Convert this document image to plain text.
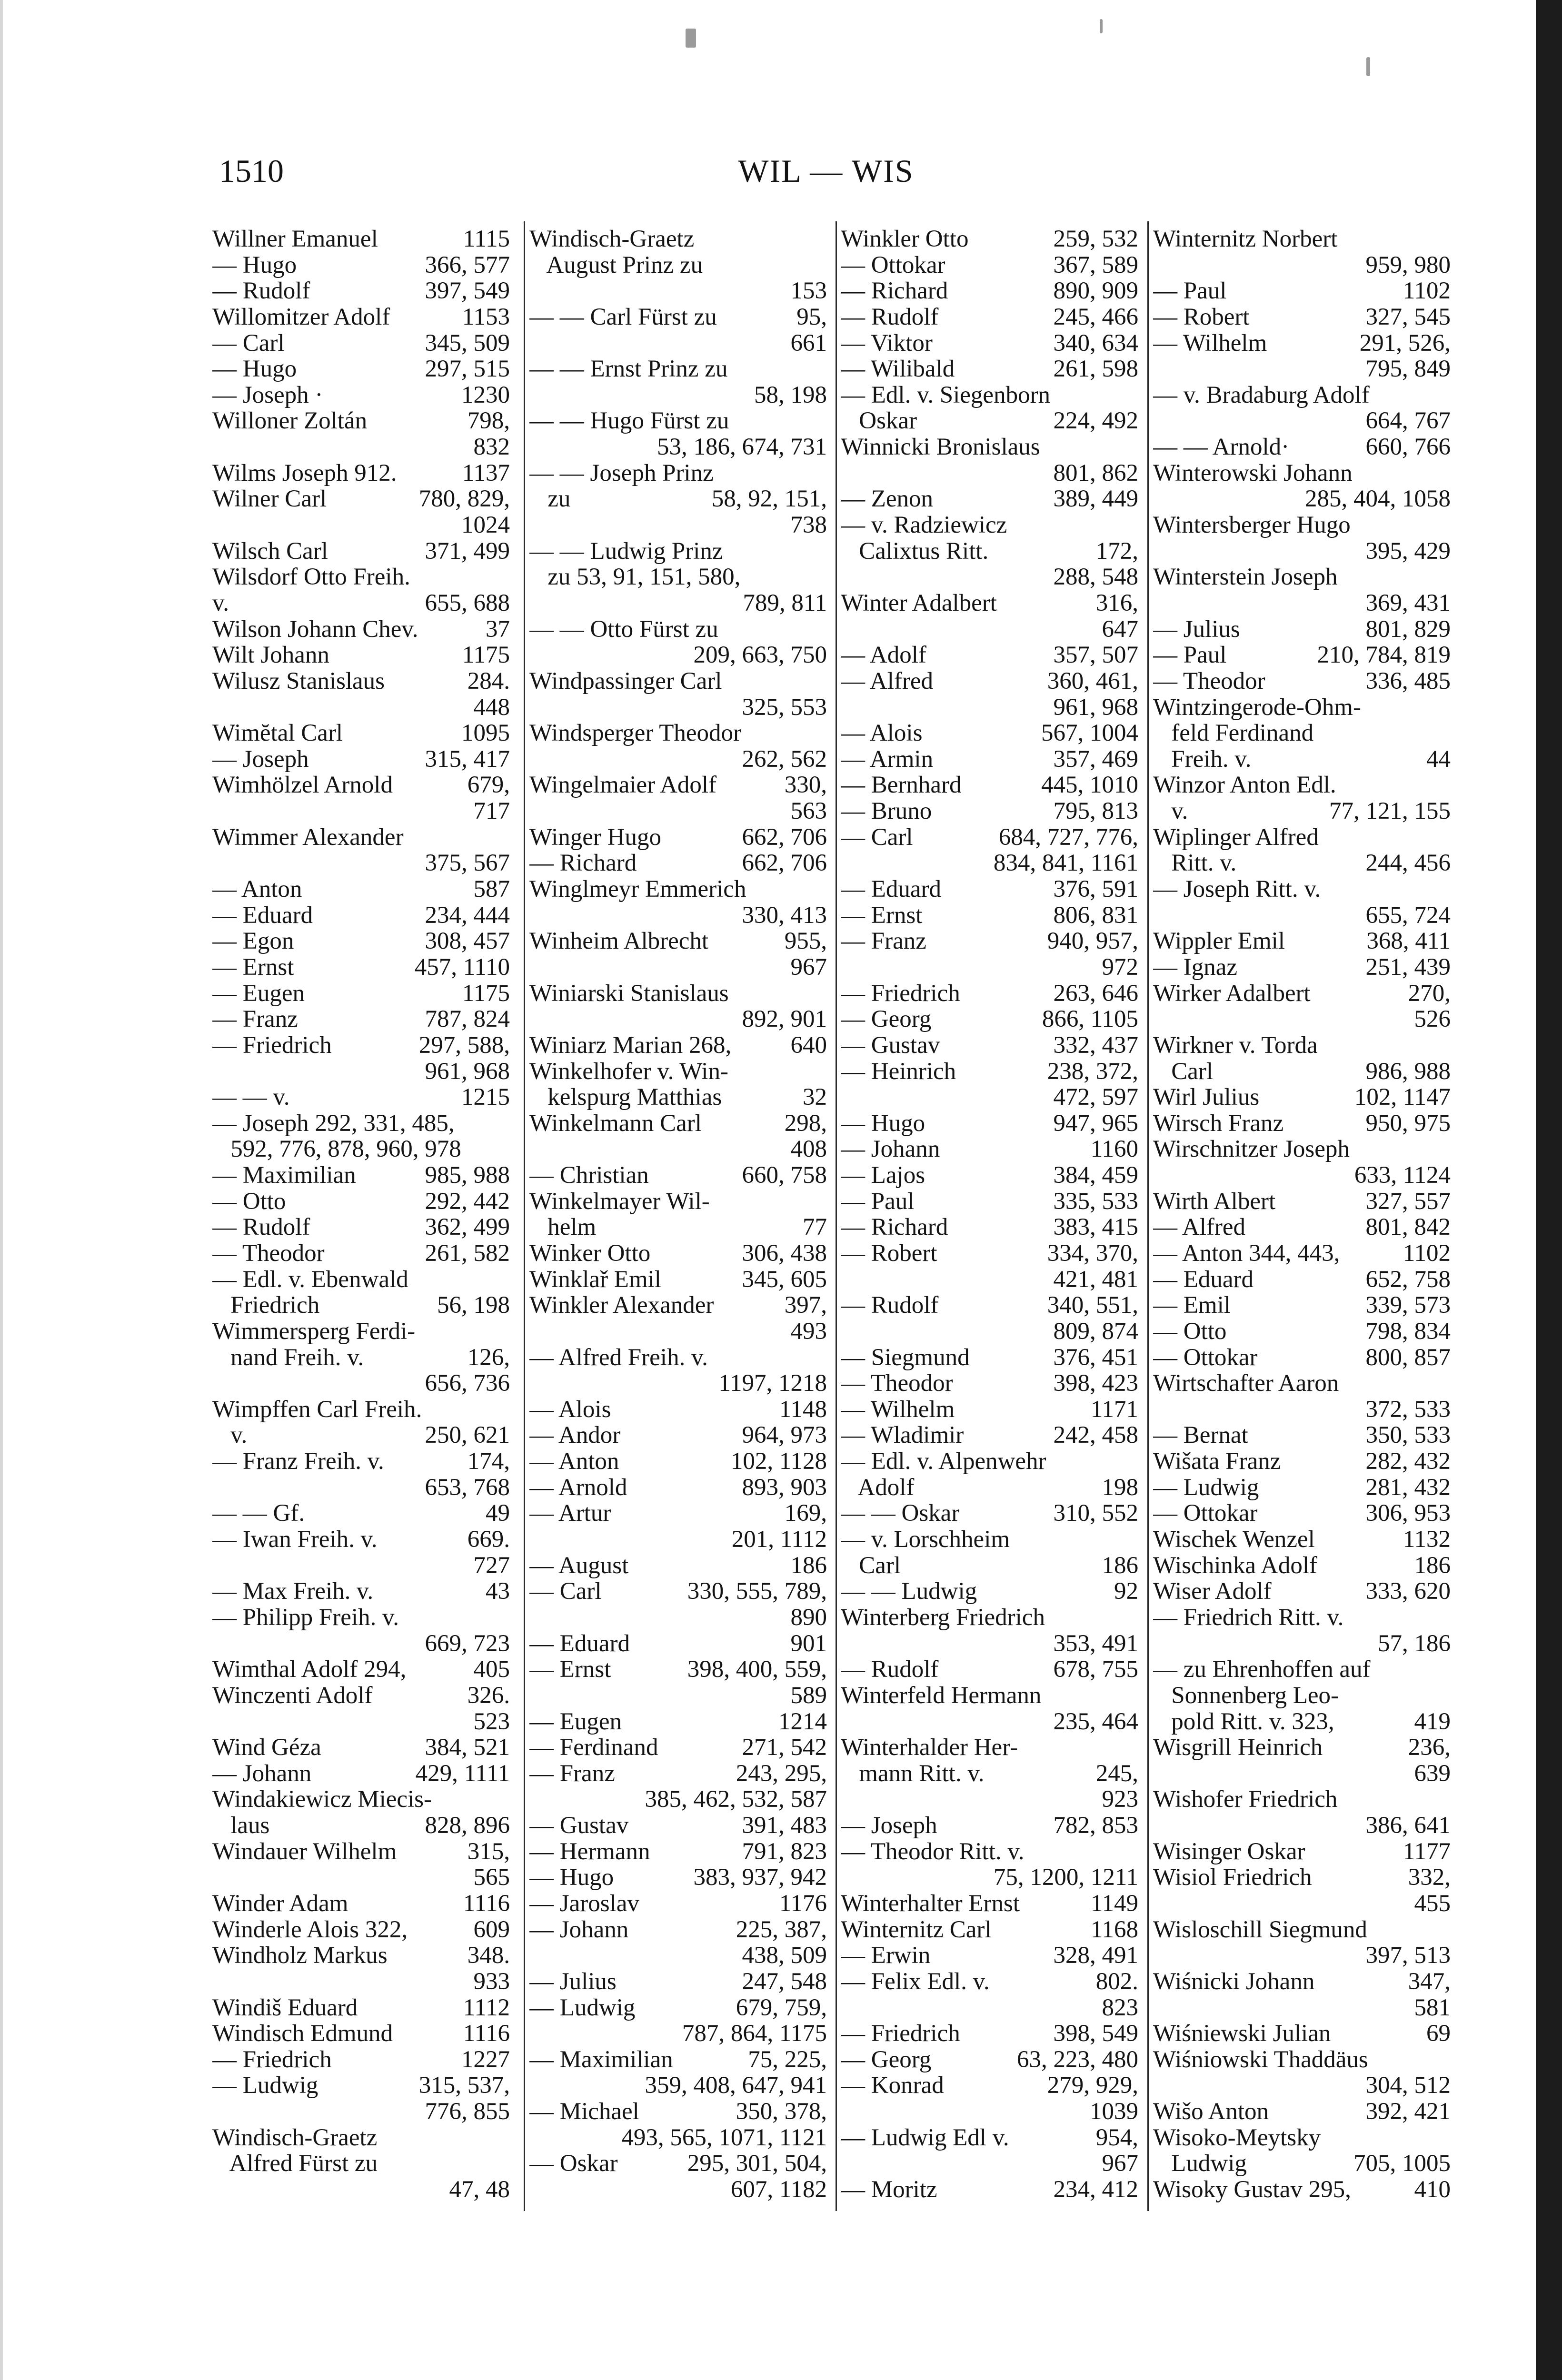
1510	WIL — WIS
Willner Emanuel	1115
— Hugo	366, 577
— Rudolf	397, 549
Willomitzer Adolf	1153
— Carl	345, 509
— Hugo	297, 515
— Joseph ·	1230
Willoner Zoltán	798,
832
Wilms Joseph 912.	1137
Wilner Carl	780, 829,
1024
Wilsch Carl	371, 499
Wilsdorf Otto Freih.
v.	655, 688
Wilson Johann Chev.	37
Wilt Johann	1175
Wilusz Stanislaus	284.
448
Wimĕtal Carl	1095
— Joseph	315, 417
Wimhölzel Arnold	679,
717
Wimmer Alexander
375, 567
— Anton	587
— Eduard	234, 444
— Egon	308, 457
— Ernst	457, 1110
— Eugen	1175
— Franz	787, 824
— Friedrich	297, 588,
961, 968
— — v.	1215
— Joseph 292, 331, 485,
592, 776, 878, 960, 978
— Maximilian	985, 988
— Otto	292, 442
— Rudolf	362, 499
— Theodor	261, 582
— Edl. v. Ebenwald
Friedrich	56, 198
Wimmersperg Ferdi-
nand Freih. v.	126,
656, 736
Wimpffen Carl Freih.
v.	250, 621
— Franz Freih. v.	174,
653, 768
— — Gf.	49
— Iwan Freih. v.	669.
727
— Max Freih. v.	43
— Philipp Freih. v.
669, 723
Wimthal Adolf 294,	405
Winczenti Adolf	326.
523
Wind Géza	384, 521
— Johann	429, 1111
Windakiewicz Miecis-
laus	828, 896
Windauer Wilhelm	315,
565
Winder Adam	1116
Winderle Alois 322,	609
Windholz Markus	348.
933
Windiš Eduard	1112
Windisch Edmund	1116
— Friedrich	1227
— Ludwig	315, 537,
776, 855
Windisch-Graetz
Alfred Fürst zu
47, 48
Windisch-Graetz
August Prinz zu
153
— — Carl Fürst zu	95,
661
— — Ernst Prinz zu
58, 198
— — Hugo Fürst zu
53, 186, 674, 731
— — Joseph Prinz
zu	58, 92, 151,
738
— — Ludwig Prinz
zu 53, 91, 151, 580,
789, 811
— — Otto Fürst zu
209, 663, 750
Windpassinger Carl
325, 553
Windsperger Theodor
262, 562
Wingelmaier Adolf	330,
563
Winger Hugo	662, 706
— Richard	662, 706
Winglmeyr Emmerich
330, 413
Winheim Albrecht	955,
967
Winiarski Stanislaus
892, 901
Winiarz Marian 268, 640
Winkelhofer v. Win-
kelspurg Matthias	32
Winkelmann Carl	298,
408
— Christian	660, 758
Winkelmayer Wil-
helm	77
Winker Otto	306, 438
Winklař Emil	345, 605
Winkler Alexander	397,
493
— Alfred Freih. v.
1197, 1218
— Alois	1148
— Andor	964, 973
— Anton	102, 1128
— Arnold	893, 903
— Artur	169,
201, 1112
— August	186
— Carl	330, 555, 789,
890
— Eduard	901
— Ernst	398, 400, 559,
589
— Eugen	1214
— Ferdinand	271, 542
— Franz	243, 295,
385, 462, 532, 587
— Gustav	391, 483
— Hermann	791, 823
— Hugo	383, 937, 942
— Jaroslav	1176
— Johann	225, 387,
438, 509
— Julius	247, 548
— Ludwig	679, 759,
787, 864, 1175
— Maximilian	75, 225,
359, 408, 647, 941
— Michael	350, 378,
493, 565, 1071, 1121
— Oskar	295, 301, 504,
607, 1182
Winkler Otto	259, 532
— Ottokar	367, 589
— Richard	890, 909
— Rudolf	245, 466
— Viktor	340, 634
— Wilibald	261, 598
— Edl. v. Siegenborn
Oskar	224, 492
Winnicki Bronislaus
801, 862
— Zenon	389, 449
— v. Radziewicz
Calixtus Ritt.	172,
288, 548
Winter Adalbert	316,
647
— Adolf	357, 507
— Alfred	360, 461,
961, 968
— Alois	567, 1004
— Armin	357, 469
— Bernhard	445, 1010
— Bruno	795, 813
— Carl	684, 727, 776,
834, 841, 1161
— Eduard	376, 591
— Ernst	806, 831
— Franz	940, 957,
972
— Friedrich	263, 646
— Georg	866, 1105
— Gustav	332, 437
— Heinrich	238, 372,
472, 597
— Hugo	947, 965
— Johann	1160
— Lajos	384, 459
— Paul	335, 533
— Richard	383, 415
— Robert	334, 370,
421, 481
— Rudolf	340, 551,
809, 874
— Siegmund	376, 451
— Theodor	398, 423
— Wilhelm	1171
— Wladimir	242, 458
— Edl. v. Alpenwehr
Adolf	198
— — Oskar	310, 552
— v. Lorschheim
Carl	186
— — Ludwig	92
Winterberg Friedrich
353, 491
— Rudolf	678, 755
Winterfeld Hermann
235, 464
Winterhalder Her-
mann Ritt. v.	245,
923
— Joseph	782, 853
— Theodor Ritt. v.
75, 1200, 1211
Winterhalter Ernst	1149
Winternitz Carl	1168
— Erwin	328, 491
— Felix Edl. v.	802.
823
— Friedrich	398, 549
— Georg	63, 223, 480
— Konrad	279, 929,
1039
— Ludwig Edl v.	954,
967
— Moritz	234, 412
Winternitz Norbert
959, 980
— Paul	1102
— Robert	327, 545
— Wilhelm	291, 526,
795, 849
— v. Bradaburg Adolf
664, 767
— — Arnold·	660, 766
Winterowski Johann
285, 404, 1058
Wintersberger Hugo
395, 429
Winterstein Joseph
369, 431
— Julius	801, 829
— Paul	210, 784, 819
— Theodor	336, 485
Wintzingerode-Ohm-
feld Ferdinand
Freih. v.	44
Winzor Anton Edl.
v.	77, 121, 155
Wiplinger Alfred
Ritt. v.	244, 456
— Joseph Ritt. v.
655, 724
Wippler Emil	368, 411
— Ignaz	251, 439
Wirker Adalbert	270,
526
Wirkner v. Torda
Carl	986, 988
Wirl Julius	102, 1147
Wirsch Franz	950, 975
Wirschnitzer Joseph
633, 1124
Wirth Albert	327, 557
— Alfred	801, 842
— Anton 344, 443,	1102
— Eduard	652, 758
— Emil	339, 573
— Otto	798, 834
— Ottokar	800, 857
Wirtschafter Aaron
372, 533
— Bernat	350, 533
Wišata Franz	282, 432
— Ludwig	281, 432
— Ottokar	306, 953
Wischek Wenzel	1132
Wischinka Adolf	186
Wiser Adolf	333, 620
— Friedrich Ritt. v.
57, 186
— zu Ehrenhoffen auf
Sonnenberg Leo-
pold Ritt. v. 323,	419
Wisgrill Heinrich	236,
639
Wishofer Friedrich
386, 641
Wisinger Oskar	1177
Wisiol Friedrich	332,
455
Wisloschill Siegmund
397, 513
Wiśnicki Johann	347,
581
Wiśniewski Julian	69
Wiśniowski Thaddäus
304, 512
Wišo Anton	392, 421
Wisoko-Meytsky
Ludwig	705, 1005
Wisoky Gustav 295,	410
